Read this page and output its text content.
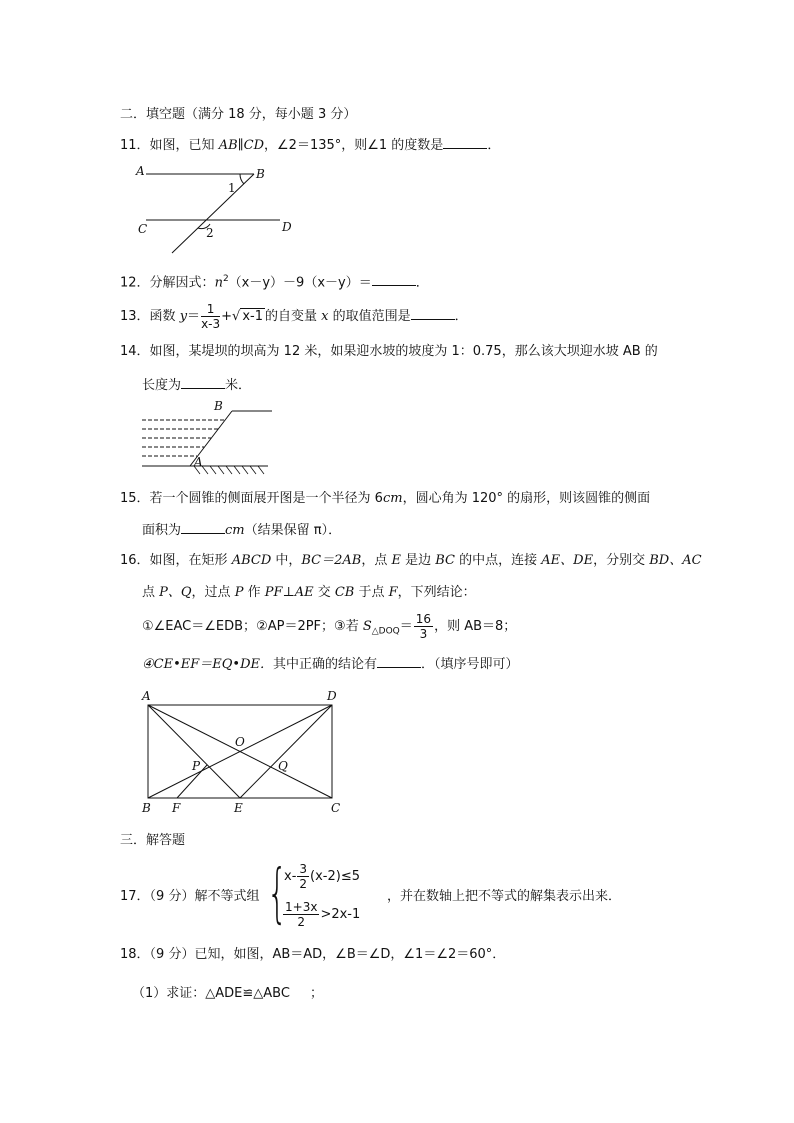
二．填空题（满分 18 分，每小题 3 分）
11．如图，已知 AB∥CD，∠2＝135°，则∠1 的度数是	．
A	B
C	D
1
2
12．分解因式：$n^2(x-y)-9(x-y)=$	．
13．函数 $y= \frac{1}{x-3}$ +√ x-1 的自变量 x 的取值范围是	．
14．如图，某堤坝的坝高为 12 米，如果迎水坡的坡度为 1：0.75，那么该大坝迎水坡 AB 的
长度为	米．
B
A
15．若一个圆锥的侧面展开图是一个半径为 6cm，圆心角为 120° 的扇形，则该圆锥的侧面
面积为	cm（结果保留 π）．
16．如图，在矩形 ABCD 中，BC＝2AB，点 E 是边 BC 的中点，连接 AE、DE，分别交 BD、AC
点 P、Q，过点 P 作 PF⊥AE 交 CB 于点 F，下列结论：
①∠EAC＝∠EDB；②AP＝2PF；③若 $S_{\triangle DOQ}= \frac{16}{3}$ ，则 AB＝8；
④CE•EF＝EQ•DE．其中正确的结论有	．（填序号即可）
A	D
B F	E	C
O
P	Q
三．解答题
17．（9 分）解不等式组 {
$x- \frac{3}{2} (x-2)\le 5$
$\frac{1+3x}{2} >2x-1$
，并在数轴上把不等式的解集表示出来．
18．（9 分）已知，如图，AB＝AD，∠B＝∠D，∠1＝∠2＝60°．
（1）求证：△ADE≌△ABC ；
